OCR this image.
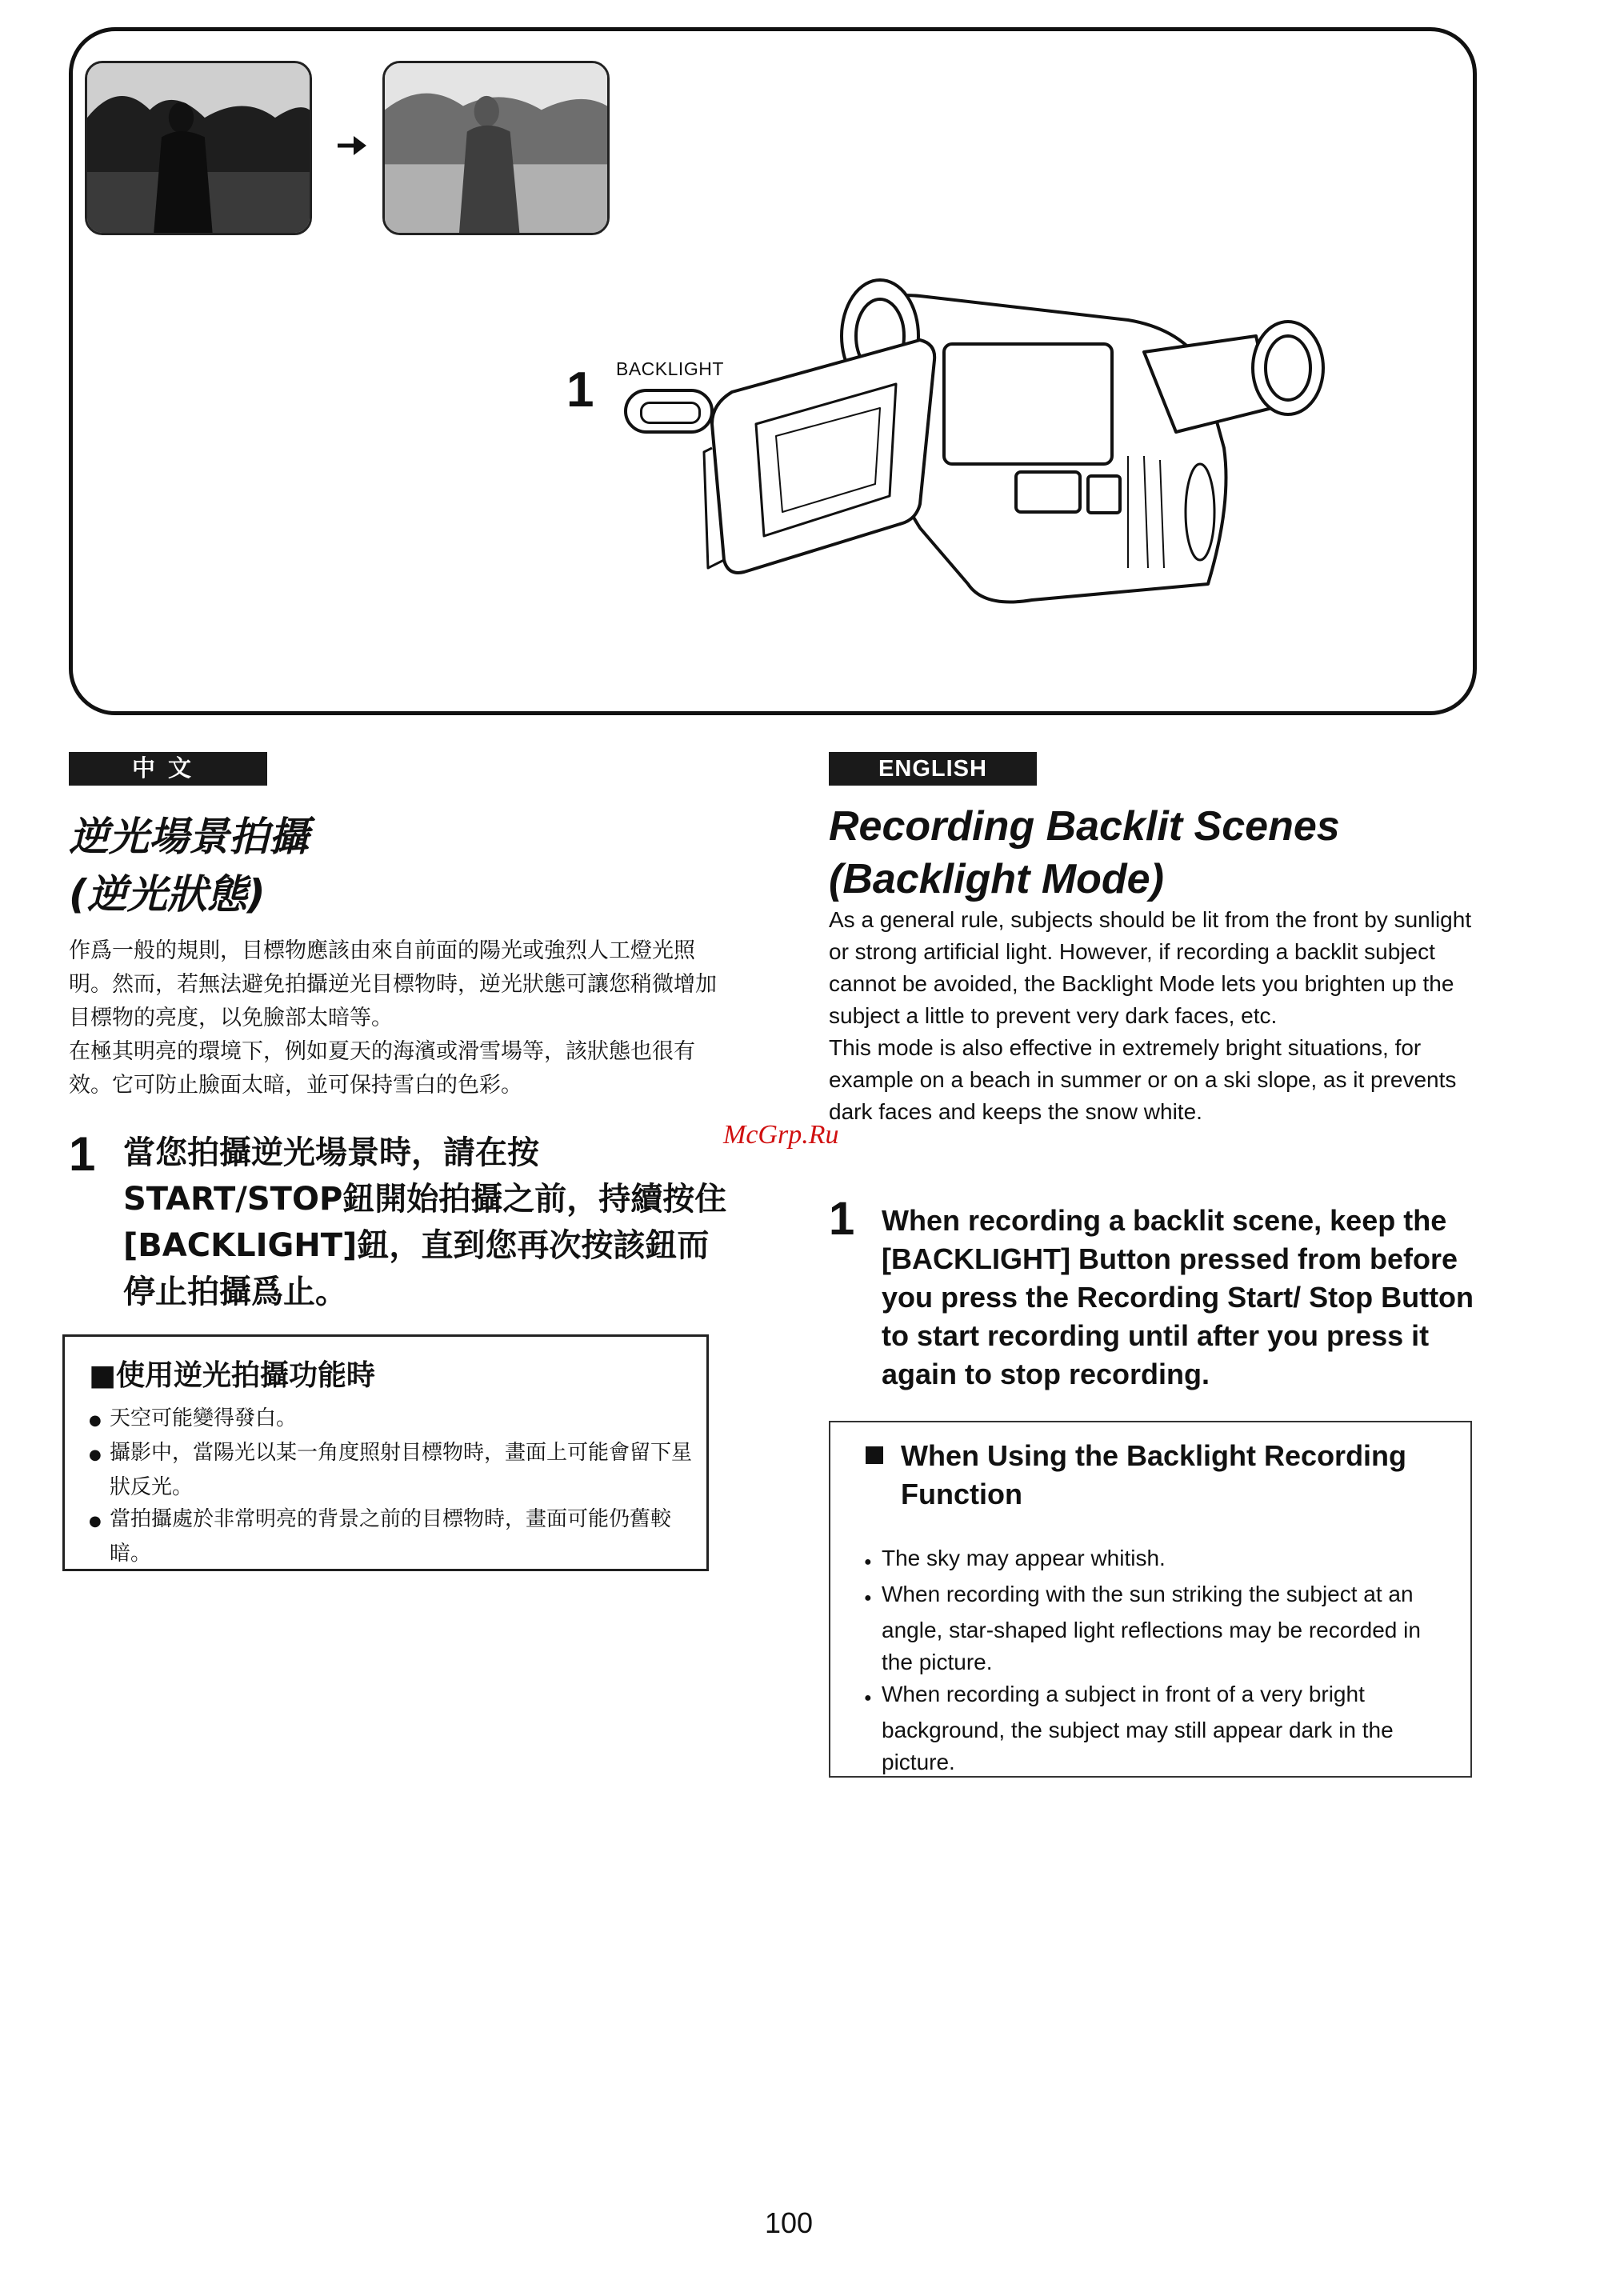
1 BACKLIGHT
中文
逆光場景拍攝
(逆光狀態)

作爲一般的規則，目標物應該由來自前面的陽光或強烈人工燈光照明。然而，若無法避免拍攝逆光目標物時，逆光狀態可讓您稍微增加目標物的亮度，以免臉部太暗等。

在極其明亮的環境下，例如夏天的海濱或滑雪場等，該狀態也很有效。它可防止臉面太暗，並可保持雪白的色彩。

1 當您拍攝逆光場景時，請在按START/STOP鈕開始拍攝之前，持續按住[BACKLIGHT]鈕，直到您再次按該鈕而停止拍攝爲止。
■使用逆光拍攝功能時
● 天空可能變得發白。
● 攝影中，當陽光以某一角度照射目標物時，畫面上可能會留下星狀反光。
● 當拍攝處於非常明亮的背景之前的目標物時，畫面可能仍舊較暗。
ENGLISH
Recording Backlit Scenes
(Backlight Mode)

As a general rule, subjects should be lit from the front by sunlight or strong artificial light. However, if recording a backlit subject cannot be avoided, the Backlight Mode lets you brighten up the subject a little to prevent very dark faces, etc.

This mode is also effective in extremely bright situations, for example on a beach in summer or on a ski slope, as it prevents dark faces and keeps the snow white.

McGrp.Ru
1 When recording a backlit scene, keep the [BACKLIGHT] Button pressed from before you press the Recording Start/ Stop Button to start recording until after you press it again to stop recording.
When Using the Backlight Recording Function
● The sky may appear whitish.
● When recording with the sun striking the subject at an angle, star-shaped light reflections may be recorded in the picture.
● When recording a subject in front of a very bright background, the subject may still appear dark in the picture.
100
